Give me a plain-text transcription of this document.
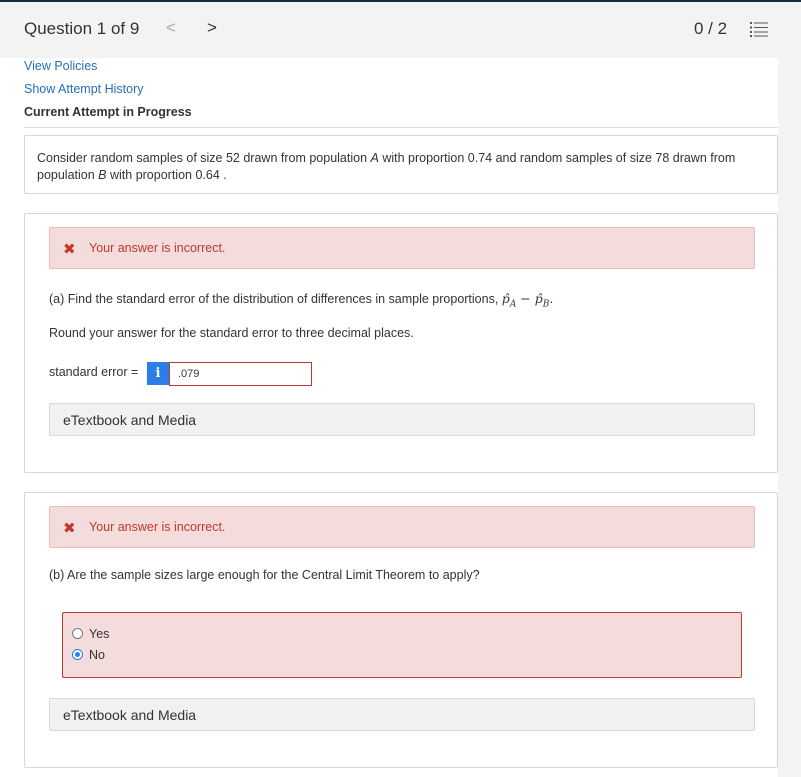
Question 1 of 9 < >	0 / 2
View Policies
Show Attempt History
Current Attempt in Progress
Consider random samples of size 52 drawn from population A with proportion 0.74 and random samples of size 78 drawn from population B with proportion 0.64 .
✖ Your answer is incorrect.
(a) Find the standard error of the distribution of differences in sample proportions, $p̂_A$ − $p̂_B$.
Round your answer for the standard error to three decimal places.
standard error =	i	.079
eTextbook and Media
✖ Your answer is incorrect.
(b) Are the sample sizes large enough for the Central Limit Theorem to apply?
Yes
No
eTextbook and Media
